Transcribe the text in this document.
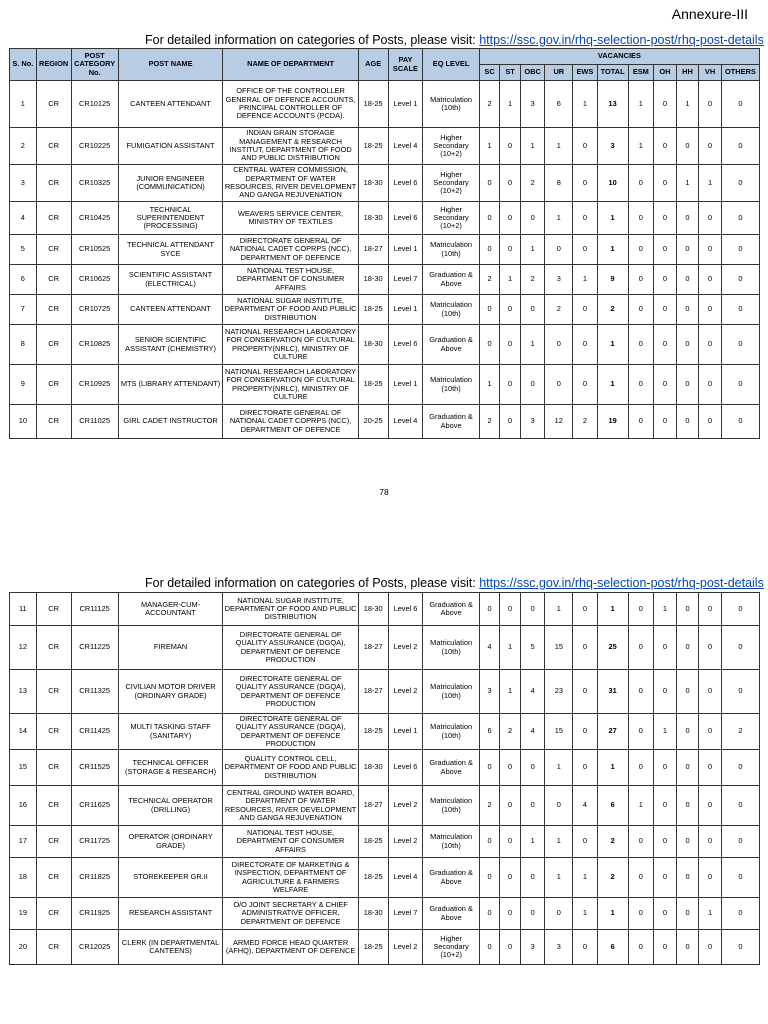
Annexure-III
For detailed information on categories of Posts, please visit: https://ssc.gov.in/rhq-selection-post/rhq-post-details
S. No.	REGION	POST CATEGORY No.	POST NAME	NAME OF DEPARTMENT	AGE	PAY SCALE	EQ LEVEL	VACANCIES										
								SC	ST	OBC	UR	EWS	TOTAL	ESM	OH	HH	VH	OTHERS
1	CR	CR10125	CANTEEN ATTENDANT	OFFICE OF THE CONTROLLER GENERAL OF DEFENCE ACCOUNTS, PRINCIPAL CONTROLLER OF DEFENCE ACCOUNTS (PCDA).	18-25	Level 1	Matriculation (10th)	2	1	3	6	1	13	1	0	1	0	0
2	CR	CR10225	FUMIGATION ASSISTANT	INDIAN GRAIN STORAGE MANAGEMENT & RESEARCH INSTITUT, DEPARTMENT OF FOOD AND PUBLIC DISTRIBUTION	18-25	Level 4	Higher Secondary (10+2)	1	0	1	1	0	3	1	0	0	0	0
3	CR	CR10325	JUNIOR ENGINEER (COMMUNICATION)	CENTRAL WATER COMMISSION, DEPARTMENT OF WATER RESOURCES, RIVER DEVELOPMENT AND GANGA REJUVENATION	18-30	Level 6	Higher Secondary (10+2)	0	0	2	8	0	10	0	0	1	1	0
4	CR	CR10425	TECHNICAL SUPERINTENDENT (PROCESSING)	WEAVERS SERVICE CENTER, MINISTRY OF TEXTILES	18-30	Level 6	Higher Secondary (10+2)	0	0	0	1	0	1	0	0	0	0	0
5	CR	CR10525	TECHNICAL ATTENDANT SYCE	DIRECTORATE GENERAL OF NATIONAL CADET COPRPS (NCC), DEPARTMENT OF DEFENCE	18-27	Level 1	Matriculation (10th)	0	0	1	0	0	1	0	0	0	0	0
6	CR	CR10625	SCIENTIFIC ASSISTANT (ELECTRICAL)	NATIONAL TEST HOUSE, DEPARTMENT OF CONSUMER AFFAIRS	18-30	Level 7	Graduation & Above	2	1	2	3	1	9	0	0	0	0	0
7	CR	CR10725	CANTEEN ATTENDANT	NATIONAL SUGAR INSTITUTE, DEPARTMENT OF FOOD AND PUBLIC DISTRIBUTION	18-25	Level 1	Matriculation (10th)	0	0	0	2	0	2	0	0	0	0	0
8	CR	CR10825	SENIOR SCIENTIFIC ASSISTANT (CHEMISTRY)	NATIONAL RESEARCH LABORATORY FOR CONSERVATION OF CULTURAL PROPERTY(NRLC), MINISTRY OF CULTURE	18-30	Level 6	Graduation & Above	0	0	1	0	0	1	0	0	0	0	0
9	CR	CR10925	MTS (LIBRARY ATTENDANT)	NATIONAL RESEARCH LABORATORY FOR CONSERVATION OF CULTURAL PROPERTY(NRLC), MINISTRY OF CULTURE	18-25	Level 1	Matriculation (10th)	1	0	0	0	0	1	0	0	0	0	0
10	CR	CR11025	GIRL CADET INSTRUCTOR	DIRECTORATE GENERAL OF NATIONAL CADET COPRPS (NCC), DEPARTMENT OF DEFENCE	20-25	Level 4	Graduation & Above	2	0	3	12	2	19	0	0	0	0	0
78
For detailed information on categories of Posts, please visit: https://ssc.gov.in/rhq-selection-post/rhq-post-details
11	CR	CR11125	MANAGER-CUM-ACCOUNTANT	NATIONAL SUGAR INSTITUTE, DEPARTMENT OF FOOD AND PUBLIC DISTRIBUTION	18-30	Level 6	Graduation & Above	0	0	0	1	0	1	0	1	0	0	0
12	CR	CR11225	FIREMAN	DIRECTORATE GENERAL OF QUALITY ASSURANCE (DGQA), DEPARTMENT OF DEFENCE PRODUCTION	18-27	Level 2	Matriculation (10th)	4	1	5	15	0	25	0	0	0	0	0
13	CR	CR11325	CIVILIAN MOTOR DRIVER (ORDINARY GRADE)	DIRECTORATE GENERAL OF QUALITY ASSURANCE (DGQA), DEPARTMENT OF DEFENCE PRODUCTION	18-27	Level 2	Matriculation (10th)	3	1	4	23	0	31	0	0	0	0	0
14	CR	CR11425	MULTI TASKING STAFF (SANITARY)	DIRECTORATE GENERAL OF QUALITY ASSURANCE (DGQA), DEPARTMENT OF DEFENCE PRODUCTION	18-25	Level 1	Matriculation (10th)	6	2	4	15	0	27	0	1	0	0	2
15	CR	CR11525	TECHNICAL OFFICER (STORAGE & RESEARCH)	QUALITY CONTROL CELL, DEPARTMENT OF FOOD AND PUBLIC DISTRIBUTION	18-30	Level 6	Graduation & Above	0	0	0	1	0	1	0	0	0	0	0
16	CR	CR11625	TECHNICAL OPERATOR (DRILLING)	CENTRAL GROUND WATER BOARD, DEPARTMENT OF WATER RESOURCES, RIVER DEVELOPMENT AND GANGA REJUVENATION	18-27	Level 2	Matriculation (10th)	2	0	0	0	4	6	1	0	0	0	0
17	CR	CR11725	OPERATOR (ORDINARY GRADE)	NATIONAL TEST HOUSE, DEPARTMENT OF CONSUMER AFFAIRS	18-25	Level 2	Matriculation (10th)	0	0	1	1	0	2	0	0	0	0	0
18	CR	CR11825	STOREKEEPER GR.II	DIRECTORATE OF MARKETING & INSPECTION, DEPARTMENT OF AGRICULTURE & FARMERS WELFARE	18-25	Level 4	Graduation & Above	0	0	0	1	1	2	0	0	0	0	0
19	CR	CR11925	RESEARCH ASSISTANT	O/O JOINT SECRETARY & CHIEF ADMINISTRATIVE OFFICER, DEPARTMENT OF DEFENCE	18-30	Level 7	Graduation & Above	0	0	0	0	1	1	0	0	0	1	0
20	CR	CR12025	CLERK (IN DEPARTMENTAL CANTEENS)	ARMED FORCE HEAD QUARTER (AFHQ), DEPARTMENT OF DEFENCE	18-25	Level 2	Higher Secondary (10+2)	0	0	3	3	0	6	0	0	0	0	0
